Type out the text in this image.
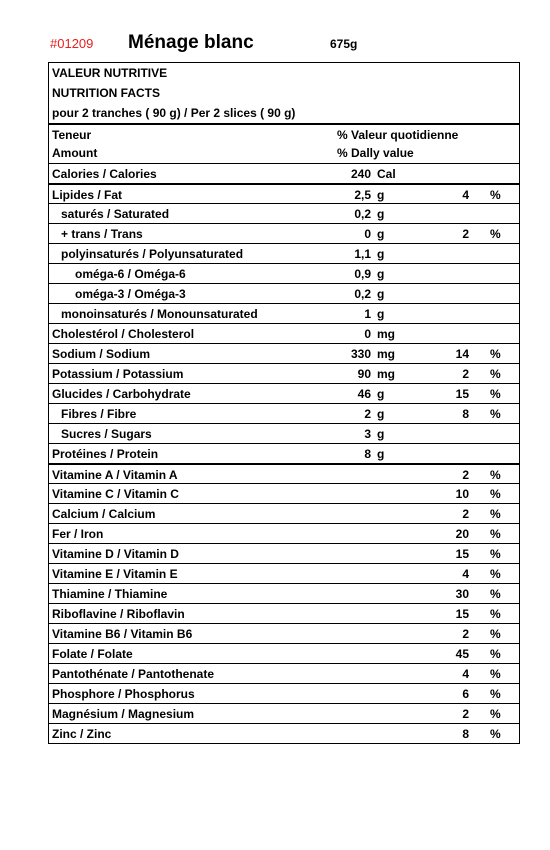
#01209 Ménage blanc	675g
VALEUR NUTRITIVE
NUTRITION FACTS
pour 2 tranches ( 90 g) / Per 2 slices ( 90 g)
Teneur	% Valeur quotidienne
Amount	% Dally value
Calories / Calories	240 Cal
Lipides / Fat	2,5 g	4 %
saturés / Saturated	0,2 g
+ trans / Trans	0 g	2 %
polyinsaturés / Polyunsaturated	1,1 g
oméga-6 / Oméga-6	0,9 g
oméga-3 / Oméga-3	0,2 g
monoinsaturés / Monounsaturated	1 g
Cholestérol / Cholesterol	0 mg
Sodium / Sodium	330 mg	14 %
Potassium / Potassium	90 mg	2 %
Glucides / Carbohydrate	46 g	15 %
Fibres / Fibre	2 g	8 %
Sucres / Sugars	3 g
Protéines / Protein	8 g
Vitamine A / Vitamin A	2 %
Vitamine C / Vitamin C	10 %
Calcium / Calcium	2 %
Fer / Iron	20 %
Vitamine D / Vitamin D	15 %
Vitamine E / Vitamin E	4 %
Thiamine / Thiamine	30 %
Riboflavine / Riboflavin	15 %
Vitamine B6 / Vitamin B6	2 %
Folate / Folate	45 %
Pantothénate / Pantothenate	4 %
Phosphore / Phosphorus	6 %
Magnésium / Magnesium	2 %
Zinc / Zinc	8 %
